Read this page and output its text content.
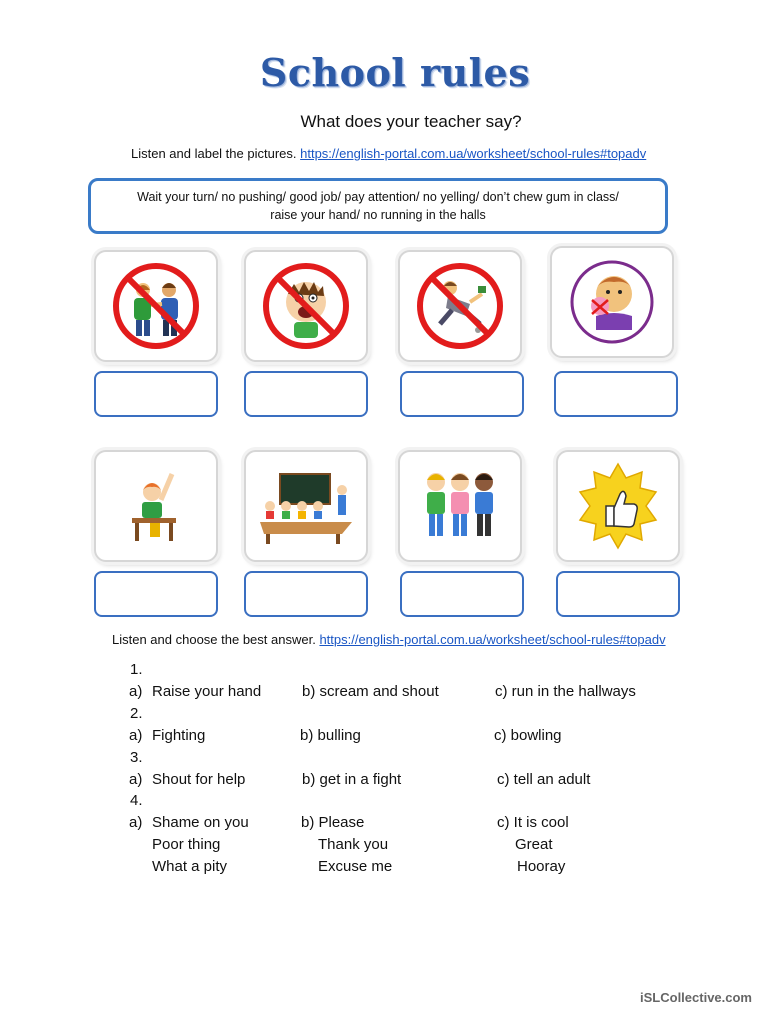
School rules
What does your teacher say?
Listen and label the pictures. https://english-portal.com.ua/worksheet/school-rules#topadv
Wait your turn/ no pushing/ good job/ pay attention/ no yelling/ don’t chew gum in class/
raise your hand/ no running in the halls
Listen and choose the best answer. https://english-portal.com.ua/worksheet/school-rules#topadv
1.
a) Raise your hand	b) scream and shout	c) run in the hallways
2.
a) Fighting	b) bulling	c) bowling
3.
a) Shout for help	b) get in a fight	c) tell an adult
4.
a) Shame on you	b) Please	c) It is cool
Poor thing	Thank you	Great
What a pity	Excuse me	Hooray
iSLCollective.com
